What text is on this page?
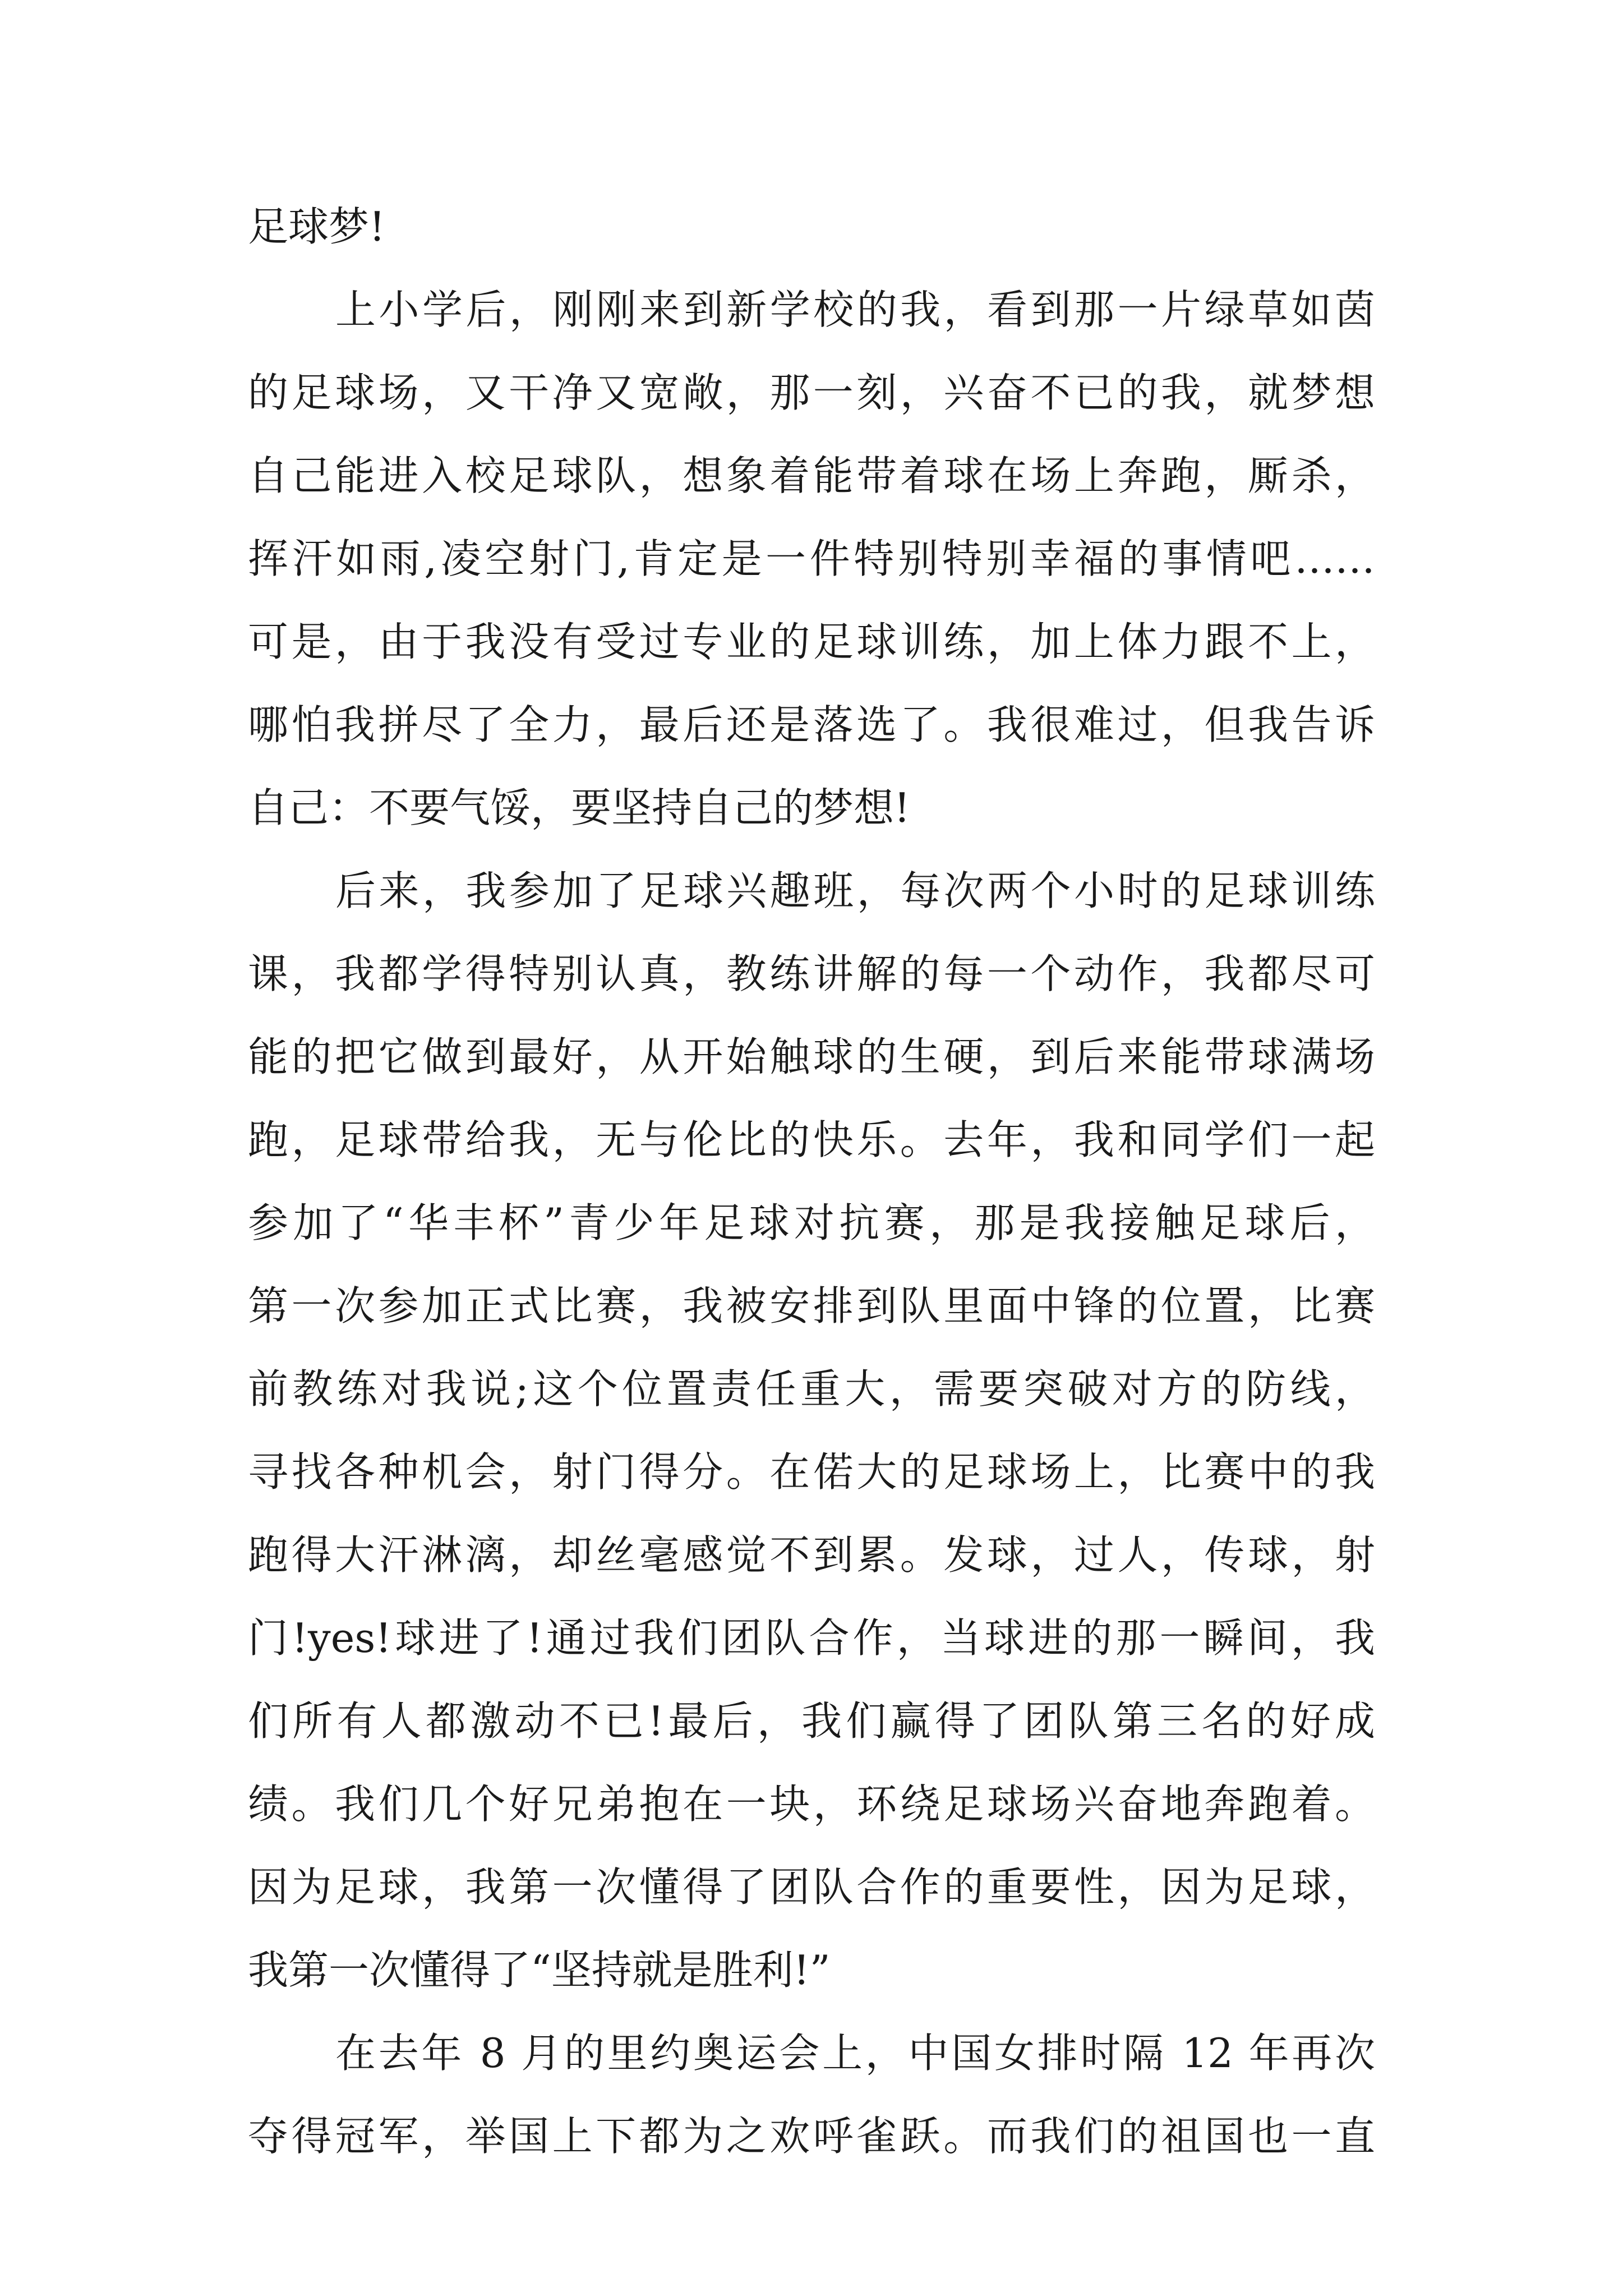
足球梦!
上小学后，刚刚来到新学校的我，看到那一片绿草如茵
的足球场，又干净又宽敞，那一刻，兴奋不已的我，就梦想
自己能进入校足球队，想象着能带着球在场上奔跑，厮杀，
挥汗如雨,凌空射门,肯定是一件特别特别幸福的事情吧……
可是，由于我没有受过专业的足球训练，加上体力跟不上，
哪怕我拼尽了全力，最后还是落选了。我很难过，但我告诉
自己：不要气馁，要坚持自己的梦想!
后来，我参加了足球兴趣班，每次两个小时的足球训练
课，我都学得特别认真，教练讲解的每一个动作，我都尽可
能的把它做到最好，从开始触球的生硬，到后来能带球满场
跑，足球带给我，无与伦比的快乐。去年，我和同学们一起
参加了“华丰杯”青少年足球对抗赛，那是我接触足球后，
第一次参加正式比赛，我被安排到队里面中锋的位置，比赛
前教练对我说;这个位置责任重大，需要突破对方的防线，
寻找各种机会，射门得分。在偌大的足球场上，比赛中的我
跑得大汗淋漓，却丝毫感觉不到累。发球，过人，传球，射
门!yes!球进了!通过我们团队合作，当球进的那一瞬间，我
们所有人都激动不已!最后，我们赢得了团队第三名的好成
绩。我们几个好兄弟抱在一块，环绕足球场兴奋地奔跑着。
因为足球，我第一次懂得了团队合作的重要性，因为足球，
我第一次懂得了“坚持就是胜利!”
在去年 8 月的里约奥运会上，中国女排时隔 12 年再次
夺得冠军，举国上下都为之欢呼雀跃。而我们的祖国也一直
